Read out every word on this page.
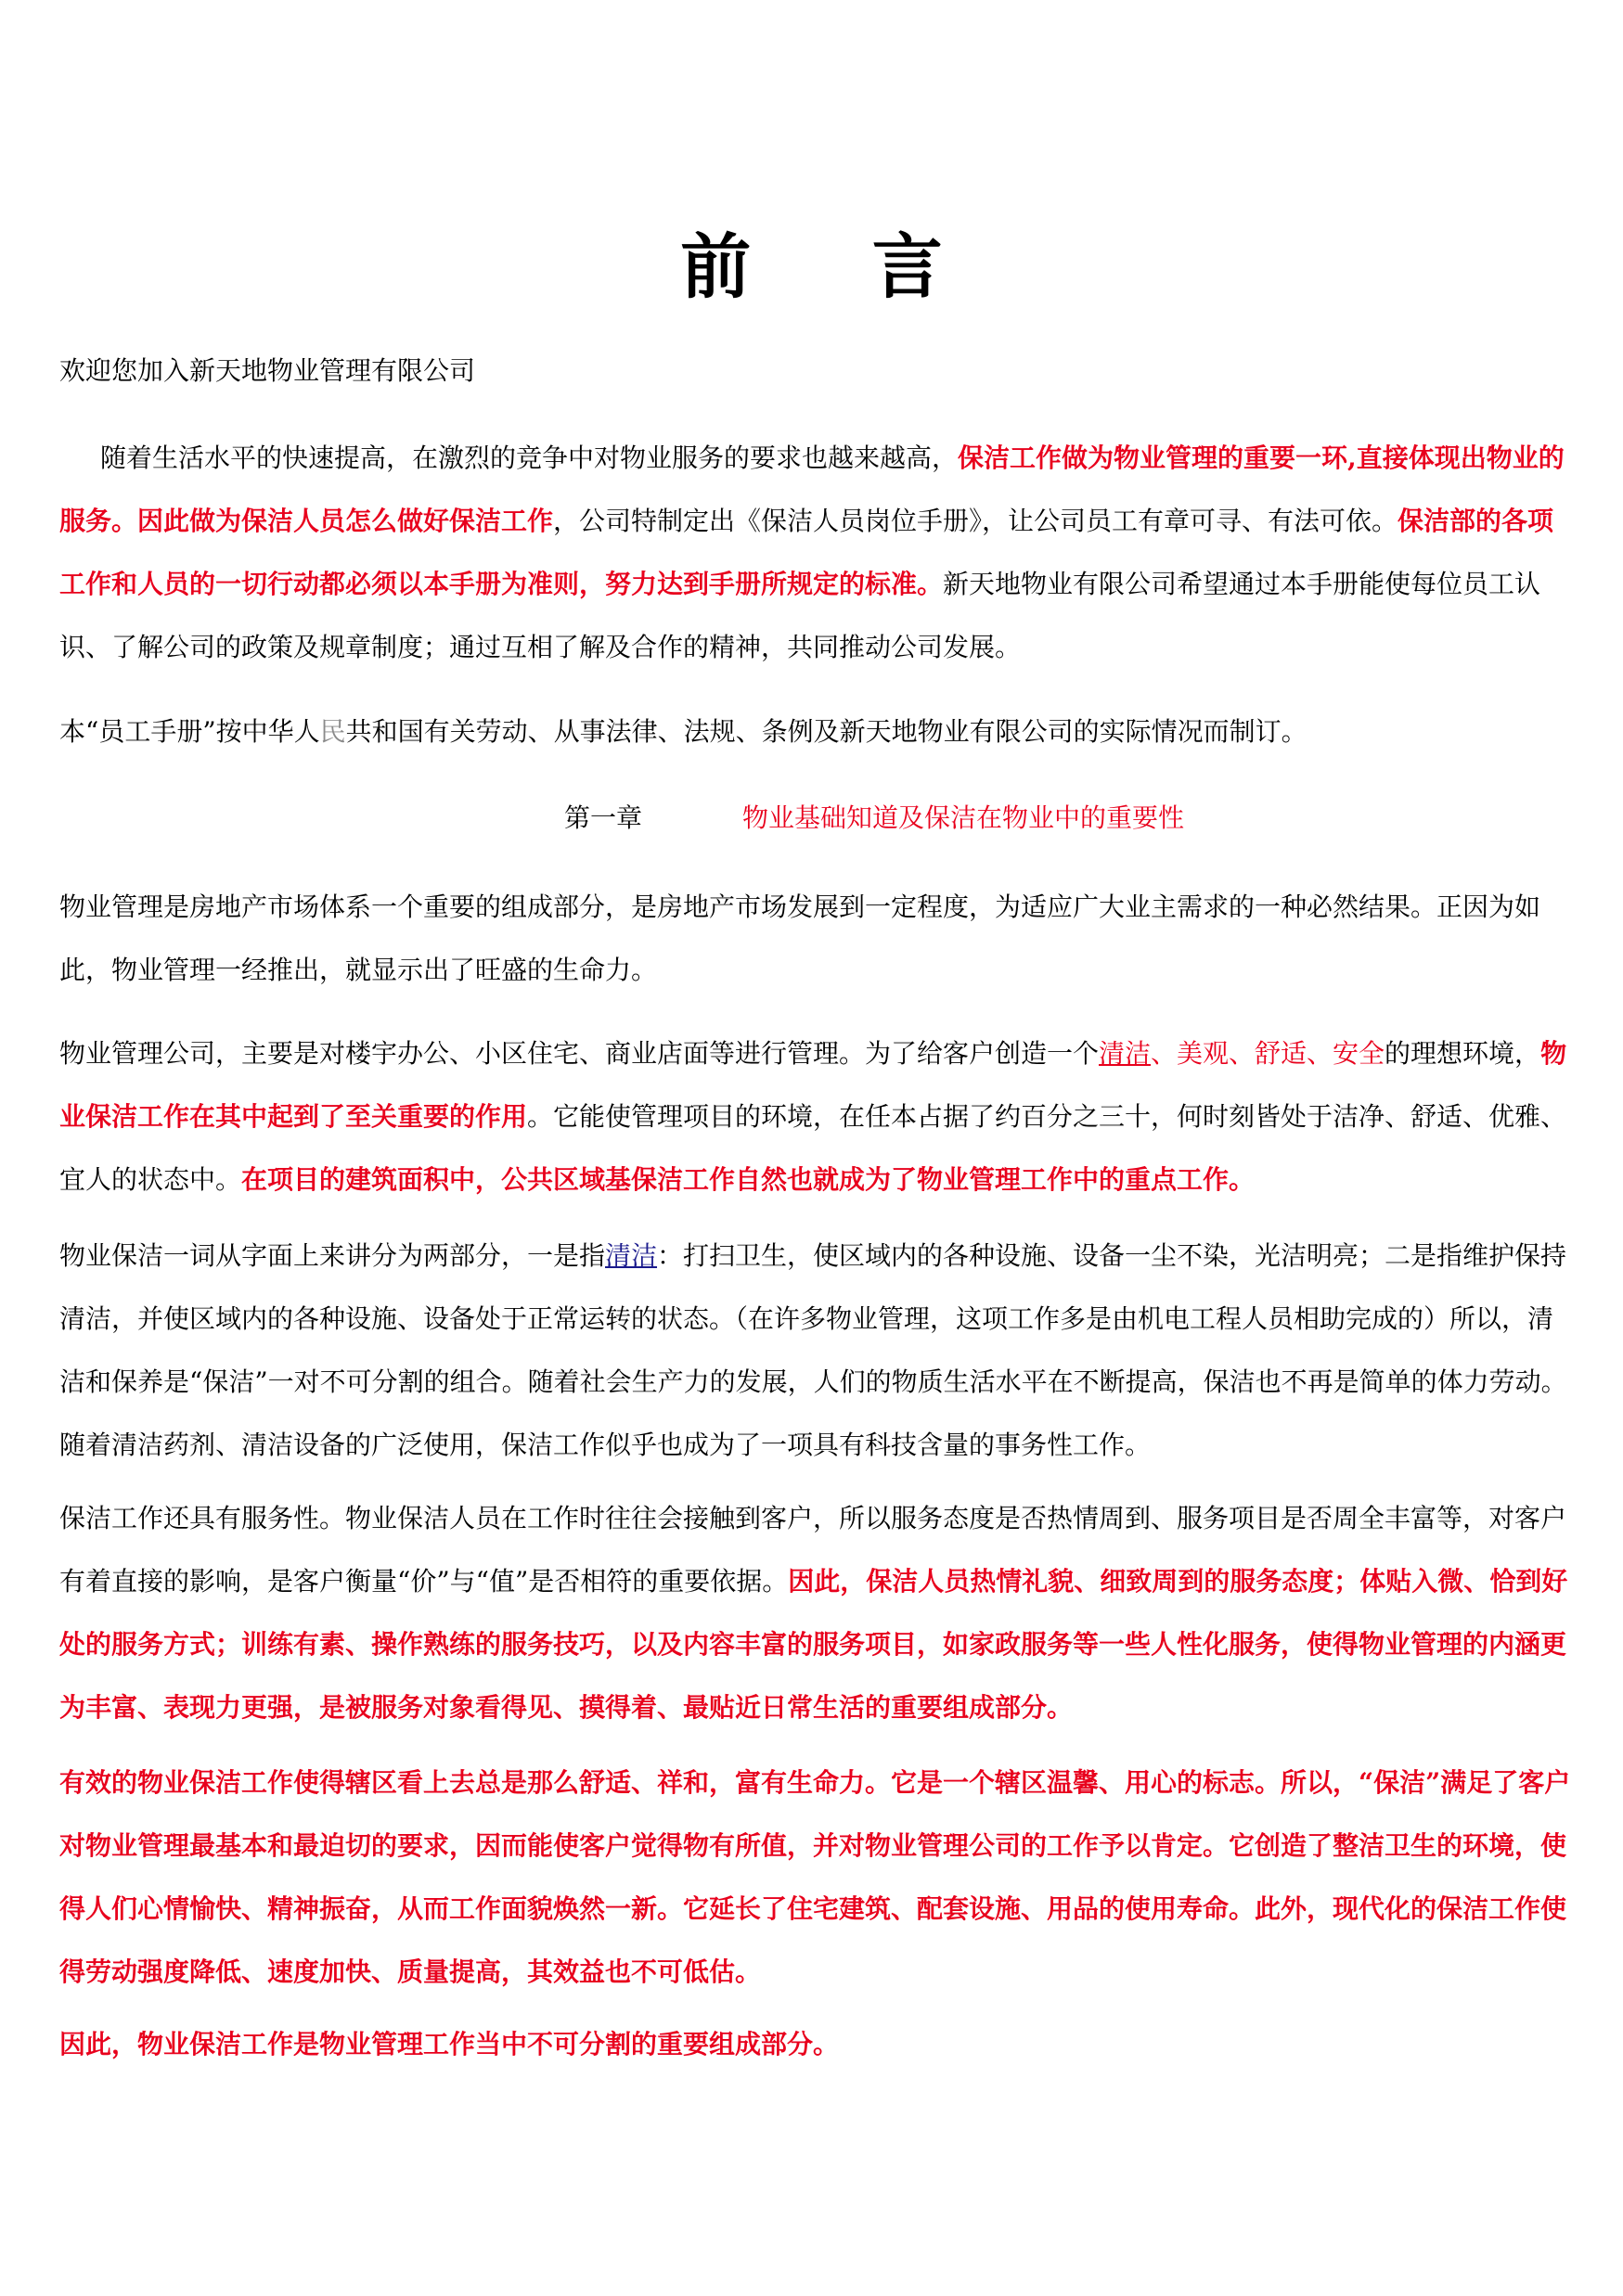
前 言

欢迎您加入新天地物业管理有限公司

随着生活水平的快速提高，在激烈的竞争中对物业服务的要求也越来越高，保洁工作做为物业管理的重要一环,直接体现出物业的服务。因此做为保洁人员怎么做好保洁工作，公司特制定出《保洁人员岗位手册》，让公司员工有章可寻、有法可依。保洁部的各项工作和人员的一切行动都必须以本手册为准则，努力达到手册所规定的标准。新天地物业有限公司希望通过本手册能使每位员工认识、了解公司的政策及规章制度；通过互相了解及合作的精神，共同推动公司发展。

本“员工手册”按中华人民共和国有关劳动、从事法律、法规、条例及新天地物业有限公司的实际情况而制订。

第一章	物业基础知道及保洁在物业中的重要性

物业管理是房地产市场体系一个重要的组成部分，是房地产市场发展到一定程度，为适应广大业主需求的一种必然结果。正因为如此，物业管理一经推出，就显示出了旺盛的生命力。

物业管理公司，主要是对楼宇办公、小区住宅、商业店面等进行管理。为了给客户创造一个清洁、美观、舒适、安全的理想环境，物业保洁工作在其中起到了至关重要的作用。它能使管理项目的环境，在任本占据了约百分之三十，何时刻皆处于洁净、舒适、优雅、宜人的状态中。在项目的建筑面积中，公共区域基保洁工作自然也就成为了物业管理工作中的重点工作。

物业保洁一词从字面上来讲分为两部分，一是指清洁：打扫卫生，使区域内的各种设施、设备一尘不染，光洁明亮；二是指维护保持清洁，并使区域内的各种设施、设备处于正常运转的状态。（在许多物业管理，这项工作多是由机电工程人员相助完成的）所以，清洁和保养是“保洁”一对不可分割的组合。随着社会生产力的发展，人们的物质生活水平在不断提高，保洁也不再是简单的体力劳动。随着清洁药剂、清洁设备的广泛使用，保洁工作似乎也成为了一项具有科技含量的事务性工作。

保洁工作还具有服务性。物业保洁人员在工作时往往会接触到客户，所以服务态度是否热情周到、服务项目是否周全丰富等，对客户有着直接的影响，是客户衡量“价”与“值”是否相符的重要依据。因此，保洁人员热情礼貌、细致周到的服务态度；体贴入微、恰到好处的服务方式；训练有素、操作熟练的服务技巧，以及内容丰富的服务项目，如家政服务等一些人性化服务，使得物业管理的内涵更为丰富、表现力更强，是被服务对象看得见、摸得着、最贴近日常生活的重要组成部分。

有效的物业保洁工作使得辖区看上去总是那么舒适、祥和，富有生命力。它是一个辖区温馨、用心的标志。所以，“保洁”满足了客户对物业管理最基本和最迫切的要求，因而能使客户觉得物有所值，并对物业管理公司的工作予以肯定。它创造了整洁卫生的环境，使得人们心情愉快、精神振奋，从而工作面貌焕然一新。它延长了住宅建筑、配套设施、用品的使用寿命。此外，现代化的保洁工作使得劳动强度降低、速度加快、质量提高，其效益也不可低估。

因此，物业保洁工作是物业管理工作当中不可分割的重要组成部分。
